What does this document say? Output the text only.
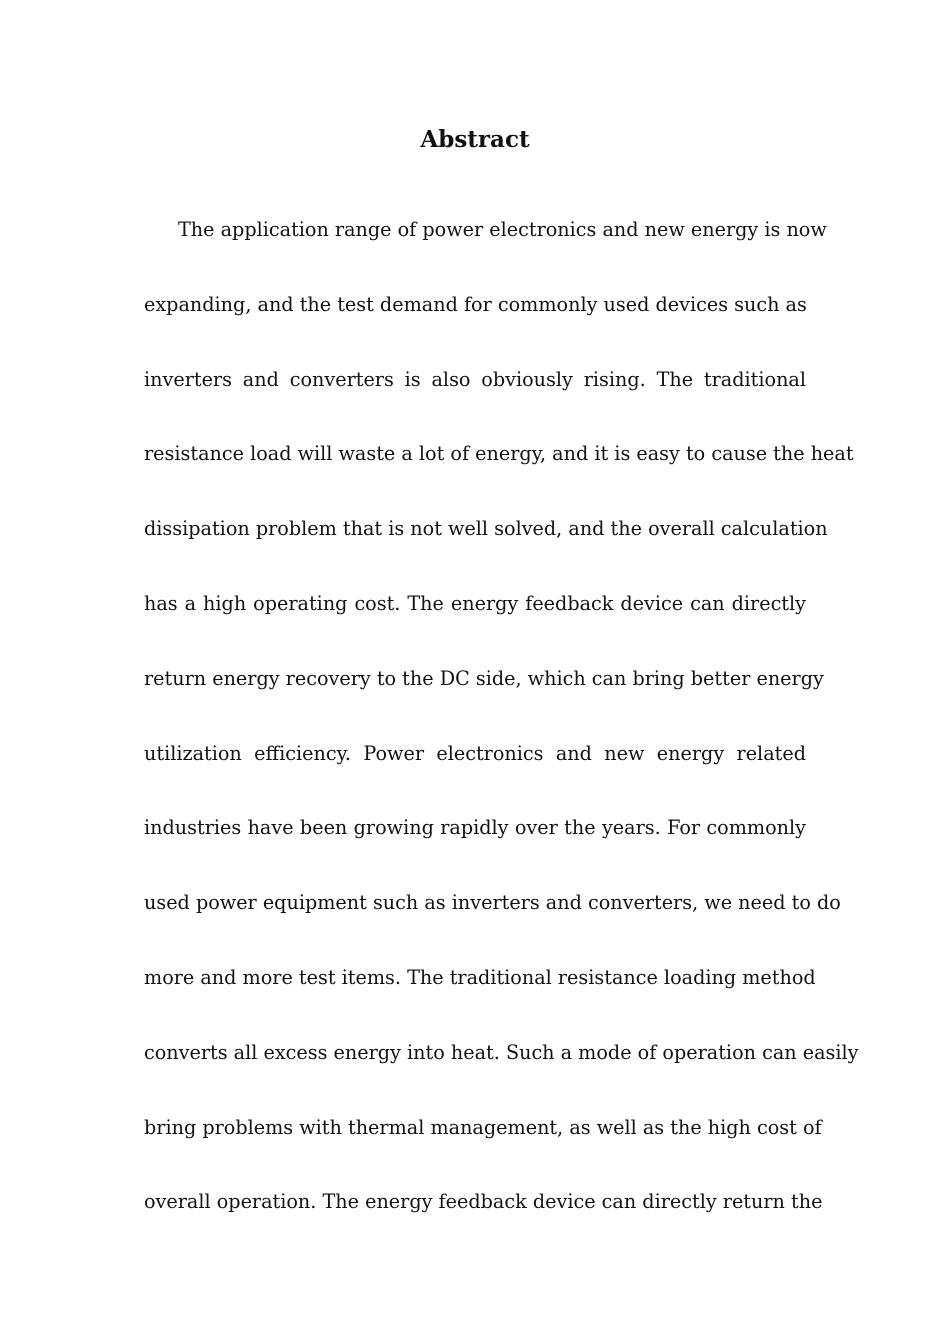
Abstract
The application range of power electronics and new energy is now
expanding, and the test demand for commonly used devices such as
inverters and converters is also obviously rising. The traditional
resistance load will waste a lot of energy, and it is easy to cause the heat
dissipation problem that is not well solved, and the overall calculation
has a high operating cost. The energy feedback device can directly
return energy recovery to the DC side, which can bring better energy
utilization efficiency. Power electronics and new energy related
industries have been growing rapidly over the years. For commonly
used power equipment such as inverters and converters, we need to do
more and more test items. The traditional resistance loading method
converts all excess energy into heat. Such a mode of operation can easily
bring problems with thermal management, as well as the high cost of
overall operation. The energy feedback device can directly return the
